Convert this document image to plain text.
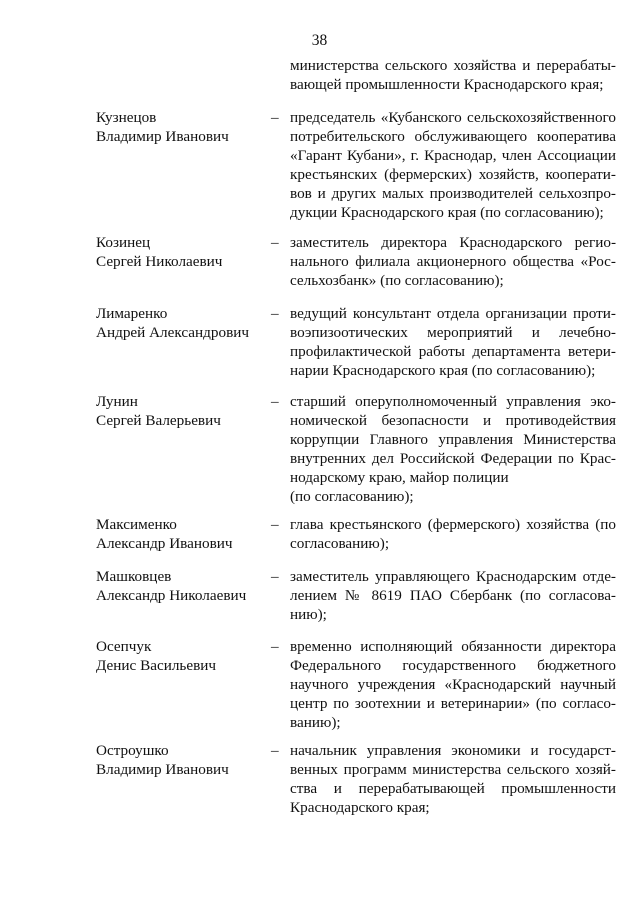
38
министерства сельского хозяйства и перерабаты-
вающей промышленности Краснодарского края;
Кузнецов
Владимир Иванович
– председатель «Кубанского сельскохозяйственного
потребительского обслуживающего кооператива
«Гарант Кубани», г. Краснодар, член Ассоциации
крестьянских (фермерских) хозяйств, кооперати-
вов и других малых производителей сельхозпро-
дукции Краснодарского края (по согласованию);
Козинец
Сергей Николаевич
– заместитель директора Краснодарского регио-
нального филиала акционерного общества «Рос-
сельхозбанк» (по согласованию);
Лимаренко
Андрей Александрович
– ведущий консультант отдела организации проти-
воэпизоотических мероприятий и лечебно-
профилактической работы департамента ветери-
нарии Краснодарского края (по согласованию);
Лунин
Сергей Валерьевич
– старший оперуполномоченный управления эко-
номической безопасности и противодействия
коррупции Главного управления Министерства
внутренних дел Российской Федерации по Крас-
нодарскому краю, майор полиции
(по согласованию);
Максименко
Александр Иванович
– глава крестьянского (фермерского) хозяйства (по
согласованию);
Машковцев
Александр Николаевич
– заместитель управляющего Краснодарским отде-
лением № 8619 ПАО Сбербанк (по согласова-
нию);
Осепчук
Денис Васильевич
– временно исполняющий обязанности директора
Федерального государственного бюджетного
научного учреждения «Краснодарский научный
центр по зоотехнии и ветеринарии» (по согласо-
ванию);
Остроушко
Владимир Иванович
– начальник управления экономики и государст-
венных программ министерства сельского хозяй-
ства и перерабатывающей промышленности
Краснодарского края;
